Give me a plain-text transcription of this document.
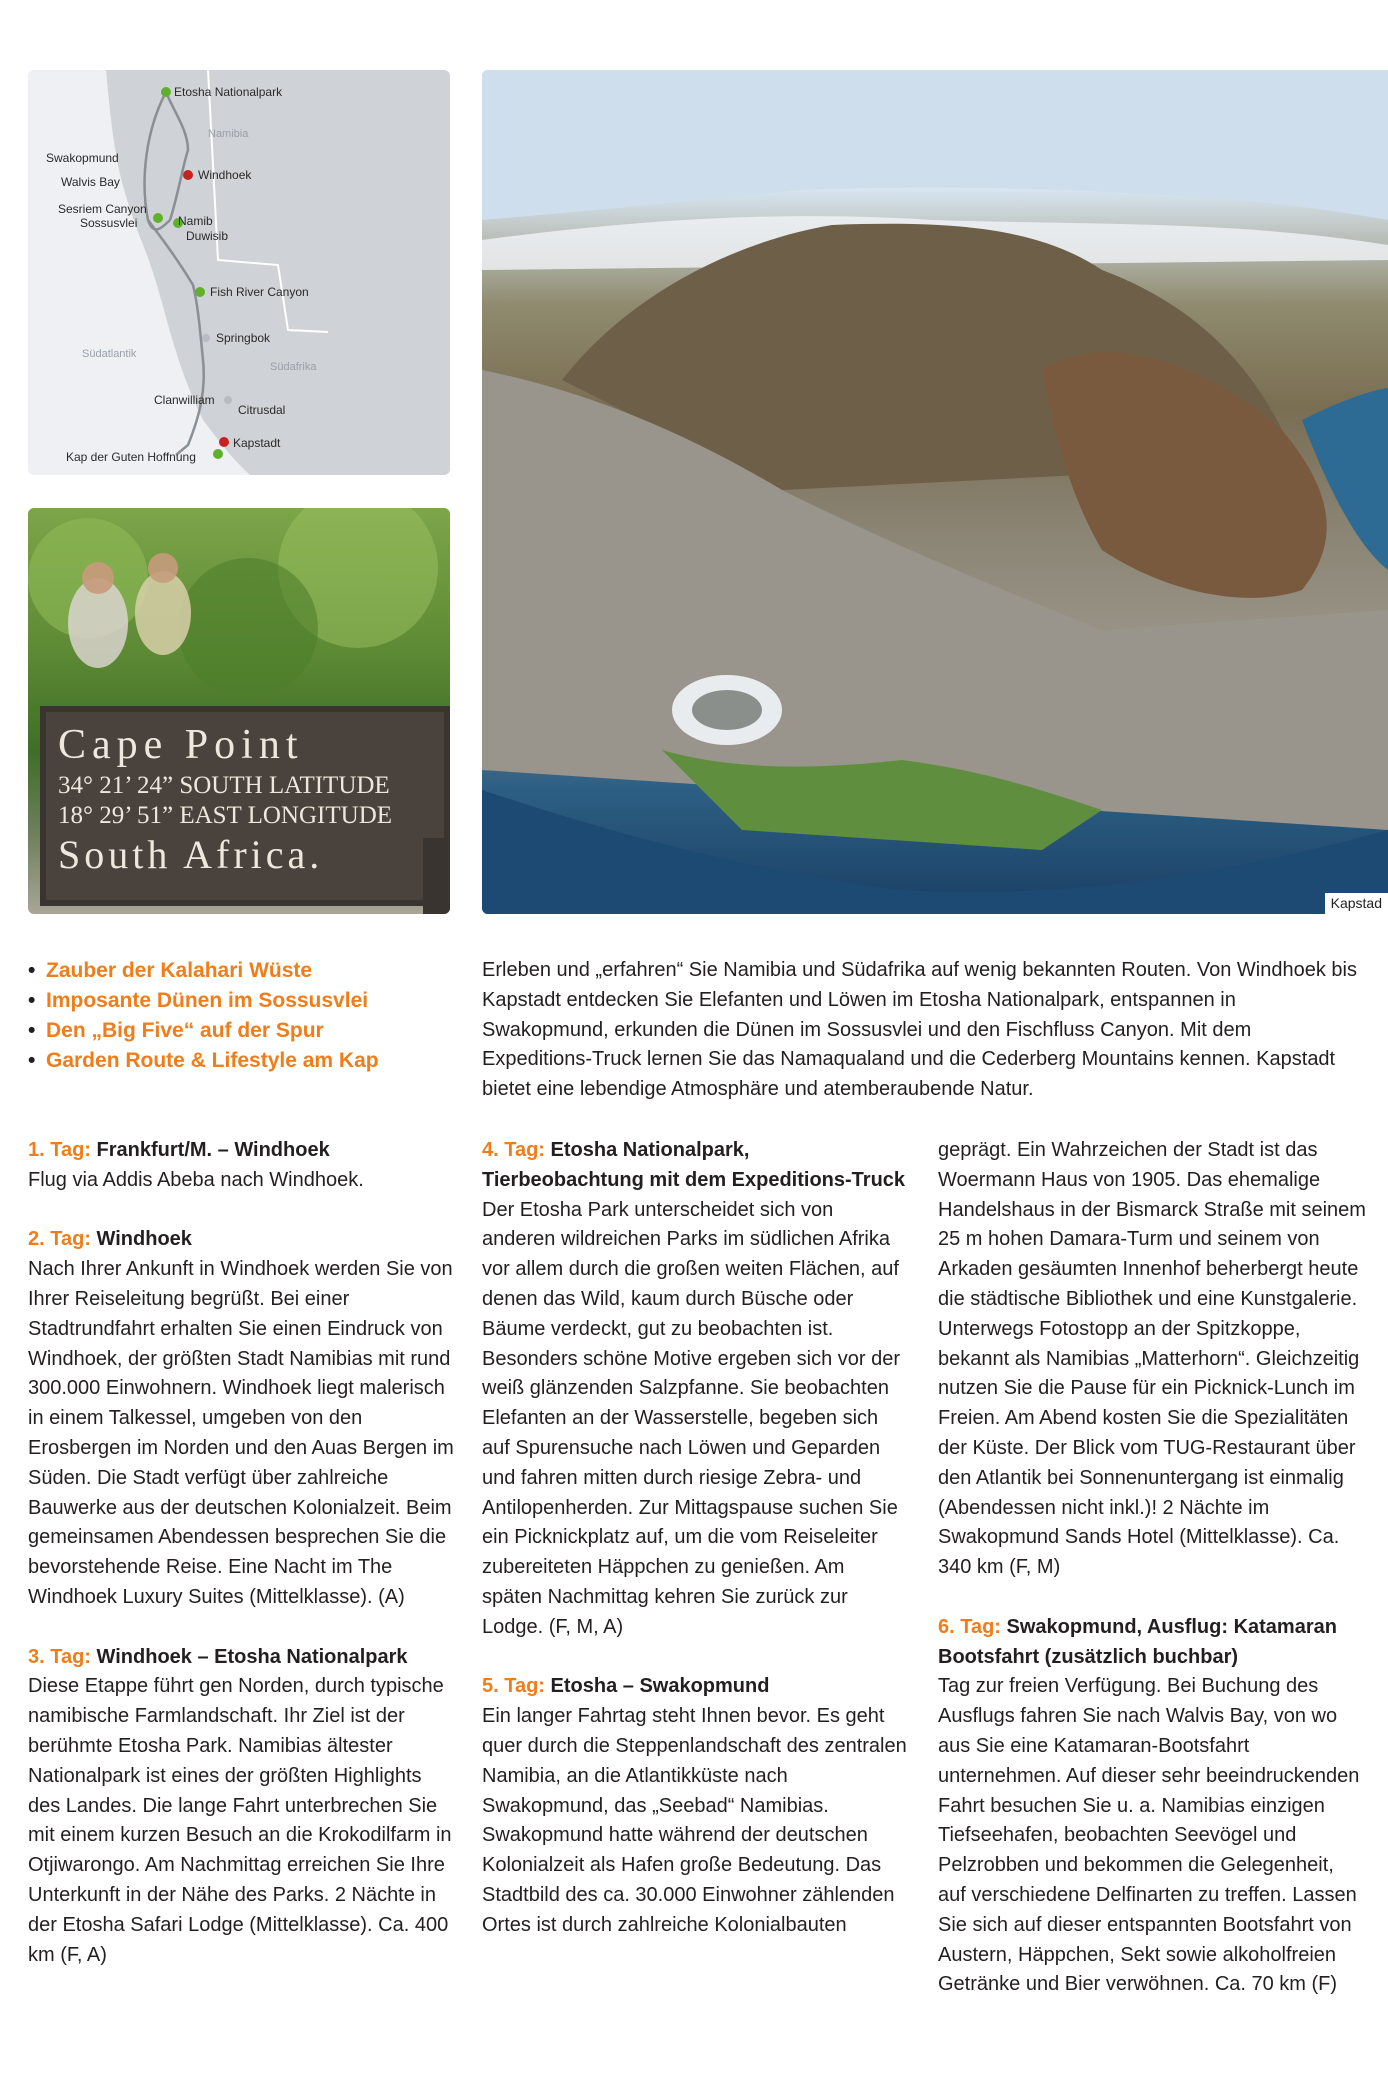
Etosha Nationalpark
Namibia
Swakopmund
Walvis Bay	Windhoek
Sesriem Canyon
Sossusvlei	Namib
Duwisib
Fish River Canyon
Springbok
Südatlantik
Südafrika
Clanwilliam
Citrusdal
Kapstadt
Kap der Guten Hoffnung
Cape Point
34° 21’ 24” SOUTH LATITUDE
18° 29’ 51” EAST LONGITUDE
South Africa.
Kapstad
• Zauber der Kalahari Wüste
• Imposante Dünen im Sossusvlei
• Den „Big Five“ auf der Spur
• Garden Route & Lifestyle am Kap

Erleben und „erfahren“ Sie Namibia und Südafrika auf wenig bekannten Routen. Von Windhoek bis Kapstadt entdecken Sie Elefanten und Löwen im Etosha Nationalpark, entspannen in Swakopmund, erkunden die Dünen im Sossusvlei und den Fischfluss Canyon. Mit dem Expeditions-Truck lernen Sie das Namaqualand und die Cederberg Mountains kennen. Kapstadt bietet eine lebendige Atmosphäre und atemberaubende Natur.

1. Tag: Frankfurt/M. – Windhoek

Flug via Addis Abeba nach Windhoek.

2. Tag: Windhoek

Nach Ihrer Ankunft in Windhoek werden Sie von Ihrer Reiseleitung begrüßt. Bei einer Stadtrundfahrt erhalten Sie einen Eindruck von Windhoek, der größten Stadt Namibias mit rund 300.000 Einwohnern. Windhoek liegt malerisch in einem Talkessel, umgeben von den Erosbergen im Norden und den Auas Bergen im Süden. Die Stadt verfügt über zahlreiche Bauwerke aus der deutschen Kolonialzeit. Beim gemeinsamen Abendessen besprechen Sie die bevorstehende Reise. Eine Nacht im The Windhoek Luxury Suites (Mittelklasse). (A)

3. Tag: Windhoek – Etosha Nationalpark

Diese Etappe führt gen Norden, durch typische namibische Farmlandschaft. Ihr Ziel ist der berühmte Etosha Park. Namibias ältester Nationalpark ist eines der größten Highlights des Landes. Die lange Fahrt unterbrechen Sie mit einem kurzen Besuch an die Krokodilfarm in Otjiwarongo. Am Nachmittag erreichen Sie Ihre Unterkunft in der Nähe des Parks. 2 Nächte in der Etosha Safari Lodge (Mittelklasse). Ca. 400 km (F, A)

4. Tag: Etosha Nationalpark, Tierbeobachtung mit dem Expeditions-Truck

Der Etosha Park unterscheidet sich von anderen wildreichen Parks im südlichen Afrika vor allem durch die großen weiten Flächen, auf denen das Wild, kaum durch Büsche oder Bäume verdeckt, gut zu beobachten ist. Besonders schöne Motive ergeben sich vor der weiß glänzenden Salzpfanne. Sie beobachten Elefanten an der Wasserstelle, begeben sich auf Spurensuche nach Löwen und Geparden und fahren mitten durch riesige Zebra- und Antilopenherden. Zur Mittagspause suchen Sie ein Picknickplatz auf, um die vom Reiseleiter zubereiteten Häppchen zu genießen. Am späten Nachmittag kehren Sie zurück zur Lodge. (F, M, A)

5. Tag: Etosha – Swakopmund

Ein langer Fahrtag steht Ihnen bevor. Es geht quer durch die Steppenlandschaft des zentralen Namibia, an die Atlantikküste nach Swakopmund, das „Seebad“ Namibias. Swakopmund hatte während der deutschen Kolonialzeit als Hafen große Bedeutung. Das Stadtbild des ca. 30.000 Einwohner zählenden Ortes ist durch zahlreiche Kolonialbauten

geprägt. Ein Wahrzeichen der Stadt ist das Woermann Haus von 1905. Das ehemalige Handelshaus in der Bismarck Straße mit seinem 25 m hohen Damara-Turm und seinem von Arkaden gesäumten Innenhof beherbergt heute die städtische Bibliothek und eine Kunstgalerie. Unterwegs Fotostopp an der Spitzkoppe, bekannt als Namibias „Matterhorn“. Gleichzeitig nutzen Sie die Pause für ein Picknick-Lunch im Freien. Am Abend kosten Sie die Spezialitäten der Küste. Der Blick vom TUG-Restaurant über den Atlantik bei Sonnenuntergang ist einmalig (Abendessen nicht inkl.)! 2 Nächte im Swakopmund Sands Hotel (Mittelklasse). Ca. 340 km (F, M)

6. Tag: Swakopmund, Ausflug: Katamaran Bootsfahrt (zusätzlich buchbar)

Tag zur freien Verfügung. Bei Buchung des Ausflugs fahren Sie nach Walvis Bay, von wo aus Sie eine Katamaran-Bootsfahrt unternehmen. Auf dieser sehr beeindruckenden Fahrt besuchen Sie u. a. Namibias einzigen Tiefseehafen, beobachten Seevögel und Pelzrobben und bekommen die Gelegenheit, auf verschiedene Delfinarten zu treffen. Lassen Sie sich auf dieser entspannten Bootsfahrt von Austern, Häppchen, Sekt sowie alkoholfreien Getränke und Bier verwöhnen. Ca. 70 km (F)
